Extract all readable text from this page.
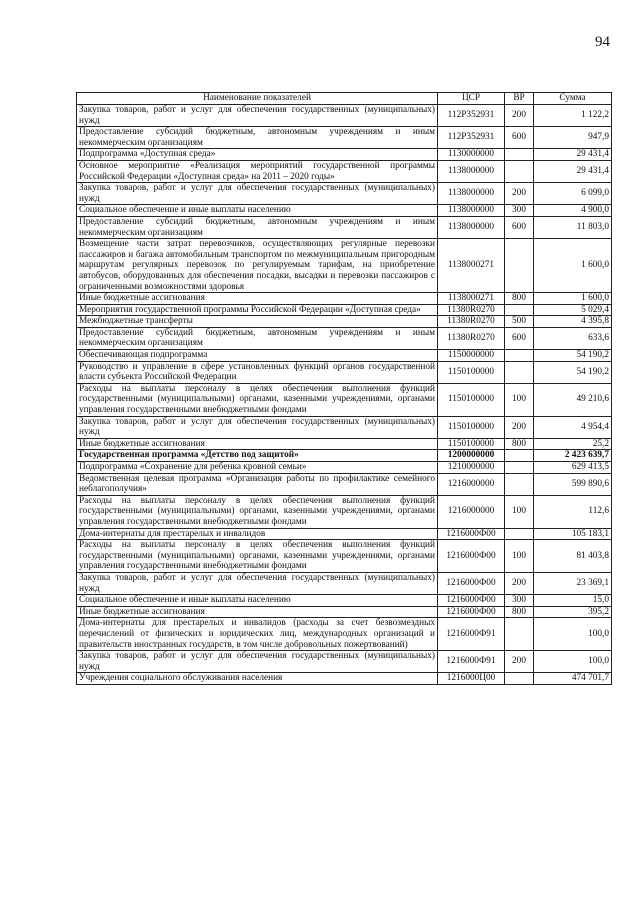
94
Наименование показателей	ЦСР	ВР	Сумма
Закупка товаров, работ и услуг для обеспечения государственных (муниципальных) нужд	112P352931	200	1 122,2
Предоставление субсидий бюджетным, автономным учреждениям и иным некоммерческим организациям	112P352931	600	947,9
Подпрограмма «Доступная среда»	1130000000		29 431,4
Основное мероприятие «Реализация мероприятий государственной программы Российской Федерации «Доступная среда» на 2011 – 2020 годы»	1138000000		29 431,4
Закупка товаров, работ и услуг для обеспечения государственных (муниципальных) нужд	1138000000	200	6 099,0
Социальное обеспечение и иные выплаты населению	1138000000	300	4 900,0
Предоставление субсидий бюджетным, автономным учреждениям и иным некоммерческим организациям	1138000000	600	11 803,0
Возмещение части затрат перевозчиков, осуществляющих регулярные перевозки пассажиров и багажа автомобильным транспортом по межмуниципальным пригородным маршрутам регулярных перевозок по регулируемым тарифам, на приобретение автобусов, оборудованных для обеспечения посадки, высадки и перевозки пассажиров с ограниченными возможностями здоровья	1138000271		1 600,0
Иные бюджетные ассигнования	1138000271	800	1 600,0
Мероприятия государственной программы Российской Федерации «Доступная среда»	11380R0270		5 029,4
Межбюджетные трансферты	11380R0270	500	4 395,8
Предоставление субсидий бюджетным, автономным учреждениям и иным некоммерческим организациям	11380R0270	600	633,6
Обеспечивающая подпрограмма	1150000000		54 190,2
Руководство и управление в сфере установленных функций органов государственной власти субъекта Российской Федерации	1150100000		54 190,2
Расходы на выплаты персоналу в целях обеспечения выполнения функций государственными (муниципальными) органами, казенными учреждениями, органами управления государственными внебюджетными фондами	1150100000	100	49 210,6
Закупка товаров, работ и услуг для обеспечения государственных (муниципальных) нужд	1150100000	200	4 954,4
Иные бюджетные ассигнования	1150100000	800	25,2
Государственная программа «Детство под защитой»	1200000000		2 423 639,7
Подпрограмма «Сохранение для ребенка кровной семьи»	1210000000		629 413,5
Ведомственная целевая программа «Организация работы по профилактике семейного неблагополучия»	1216000000		599 890,6
Расходы на выплаты персоналу в целях обеспечения выполнения функций государственными (муниципальными) органами, казенными учреждениями, органами управления государственными внебюджетными фондами	1216000000	100	112,6
Дома-интернаты для престарелых и инвалидов	1216000Ф00		105 183,1
Расходы на выплаты персоналу в целях обеспечения выполнения функций государственными (муниципальными) органами, казенными учреждениями, органами управления государственными внебюджетными фондами	1216000Ф00	100	81 403,8
Закупка товаров, работ и услуг для обеспечения государственных (муниципальных) нужд	1216000Ф00	200	23 369,1
Социальное обеспечение и иные выплаты населению	1216000Ф00	300	15,0
Иные бюджетные ассигнования	1216000Ф00	800	395,2
Дома-интернаты для престарелых и инвалидов (расходы за счет безвозмездных перечислений от физических и юридических лиц, международных организаций и правительств иностранных государств, в том числе добровольных пожертвований)	1216000Ф91		100,0
Закупка товаров, работ и услуг для обеспечения государственных (муниципальных) нужд	1216000Ф91	200	100,0
Учреждения социального обслуживания населения	1216000Ц00		474 701,7
